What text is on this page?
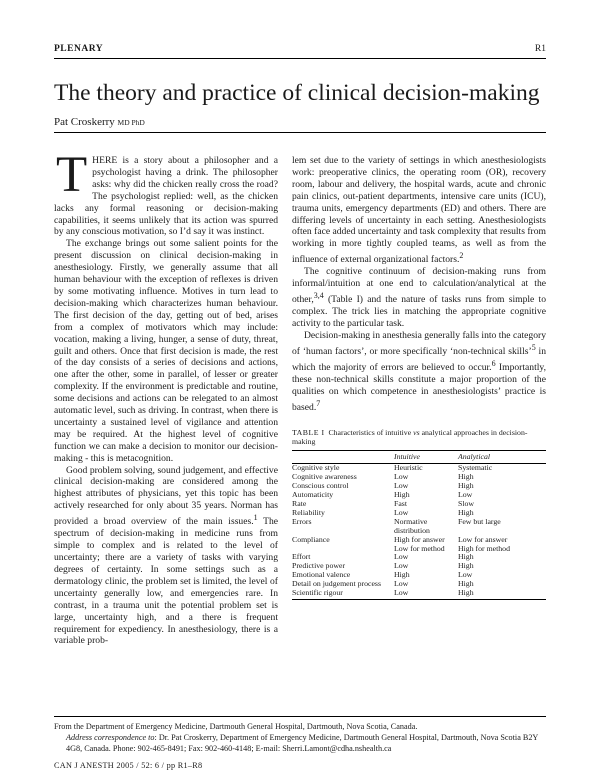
PLENARY	R1
The theory and practice of clinical decision-making
Pat Croskerry MD PhD

THERE is a story about a philosopher and a psychologist having a drink. The philosopher asks: why did the chicken really cross the road? The psychologist replied: well, as the chicken lacks any formal reasoning or decision-making capabilities, it seems unlikely that its action was spurred by any conscious motivation, so I’d say it was instinct.

The exchange brings out some salient points for the present discussion on clinical decision-making in anesthesiology. Firstly, we generally assume that all human behaviour with the exception of reflexes is driven by some motivating influence. Motives in turn lead to decision-making which characterizes human behaviour. The first decision of the day, getting out of bed, arises from a complex of motivators which may include: vocation, making a living, hunger, a sense of duty, threat, guilt and others. Once that first decision is made, the rest of the day consists of a series of decisions and actions, one after the other, some in parallel, of lesser or greater complexity. If the environment is predictable and routine, some decisions and actions can be relegated to an almost automatic level, such as driving. In contrast, when there is uncertainty a sustained level of vigilance and attention may be required. At the highest level of cognitive function we can make a decision to monitor our decision-making - this is metacognition.

Good problem solving, sound judgement, and effective clinical decision-making are considered among the highest attributes of physicians, yet this topic has been actively researched for only about 35 years. Norman has provided a broad overview of the main issues.$^1$ The spectrum of decision-making in medicine runs from simple to complex and is related to the level of uncertainty; there are a variety of tasks with varying degrees of certainty. In some settings such as a dermatology clinic, the problem set is limited, the level of uncertainty generally low, and emergencies rare. In contrast, in a trauma unit the potential problem set is large, uncertainty high, and a there is frequent requirement for expediency. In anesthesiology, there is a variable prob-

lem set due to the variety of settings in which anesthesiologists work: preoperative clinics, the operating room (OR), recovery room, labour and delivery, the hospital wards, acute and chronic pain clinics, out-patient departments, intensive care units (ICU), trauma units, emergency departments (ED) and others. There are differing levels of uncertainty in each setting. Anesthesiologists often face added uncertainty and task complexity that results from working in more tightly coupled teams, as well as from the influence of external organizational factors.$^2$

The cognitive continuum of decision-making runs from informal/intuition at one end to calculation/analytical at the other,$^{3,4}$ (Table I) and the nature of tasks runs from simple to complex. The trick lies in matching the appropriate cognitive activity to the particular task.

Decision-making in anesthesia generally falls into the category of ‘human factors’, or more specifically ‘non-technical skills’$^5$ in which the majority of errors are believed to occur.$^6$ Importantly, these non-technical skills constitute a major proportion of the qualities on which competence in anesthesiologists’ practice is based.$^7$

TABLE I Characteristics of intuitive vs analytical approaches in decision-making
	Intuitive	Analytical
Cognitive style	Heuristic	Systematic
Cognitive awareness	Low	High
Conscious control	Low	High
Automaticity	High	Low
Rate	Fast	Slow
Reliability	Low	High
Errors	Normative distribution	Few but large
Compliance	High for answer	Low for answer
	Low for method	High for method
Effort	Low	High
Predictive power	Low	High
Emotional valence	High	Low
Detail on judgement process	Low	High
Scientific rigour	Low	High
From the Department of Emergency Medicine, Dartmouth General Hospital, Dartmouth, Nova Scotia, Canada.
Address correspondence to: Dr. Pat Croskerry, Department of Emergency Medicine, Dartmouth General Hospital, Dartmouth, Nova Scotia B2Y 4G8, Canada. Phone: 902-465-8491; Fax: 902-460-4148; E-mail: Sherri.Lamont@cdha.nshealth.ca
CAN J ANESTH 2005 / 52: 6 / pp R1–R8
